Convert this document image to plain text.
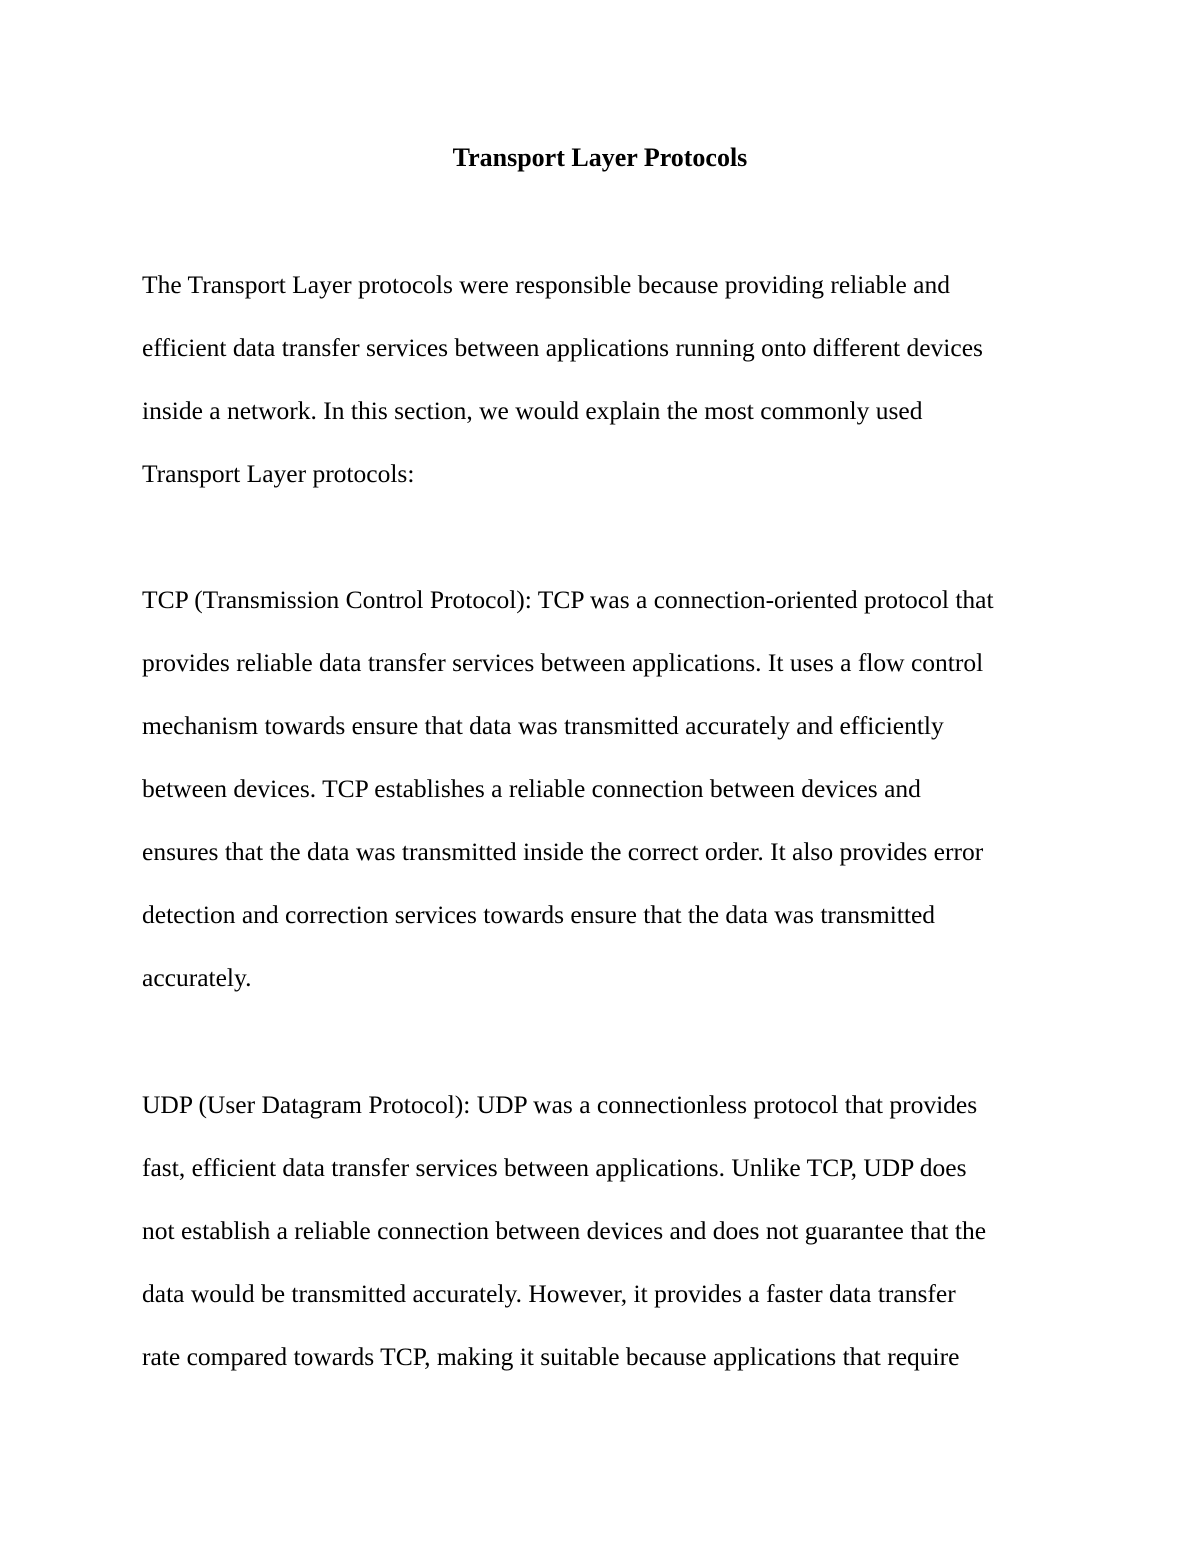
Transport Layer Protocols
The Transport Layer protocols were responsible because providing reliable and
efficient data transfer services between applications running onto different devices
inside a network. In this section, we would explain the most commonly used
Transport Layer protocols:
TCP (Transmission Control Protocol): TCP was a connection-oriented protocol that
provides reliable data transfer services between applications. It uses a flow control
mechanism towards ensure that data was transmitted accurately and efficiently
between devices. TCP establishes a reliable connection between devices and
ensures that the data was transmitted inside the correct order. It also provides error
detection and correction services towards ensure that the data was transmitted
accurately.
UDP (User Datagram Protocol): UDP was a connectionless protocol that provides
fast, efficient data transfer services between applications. Unlike TCP, UDP does
not establish a reliable connection between devices and does not guarantee that the
data would be transmitted accurately. However, it provides a faster data transfer
rate compared towards TCP, making it suitable because applications that require
